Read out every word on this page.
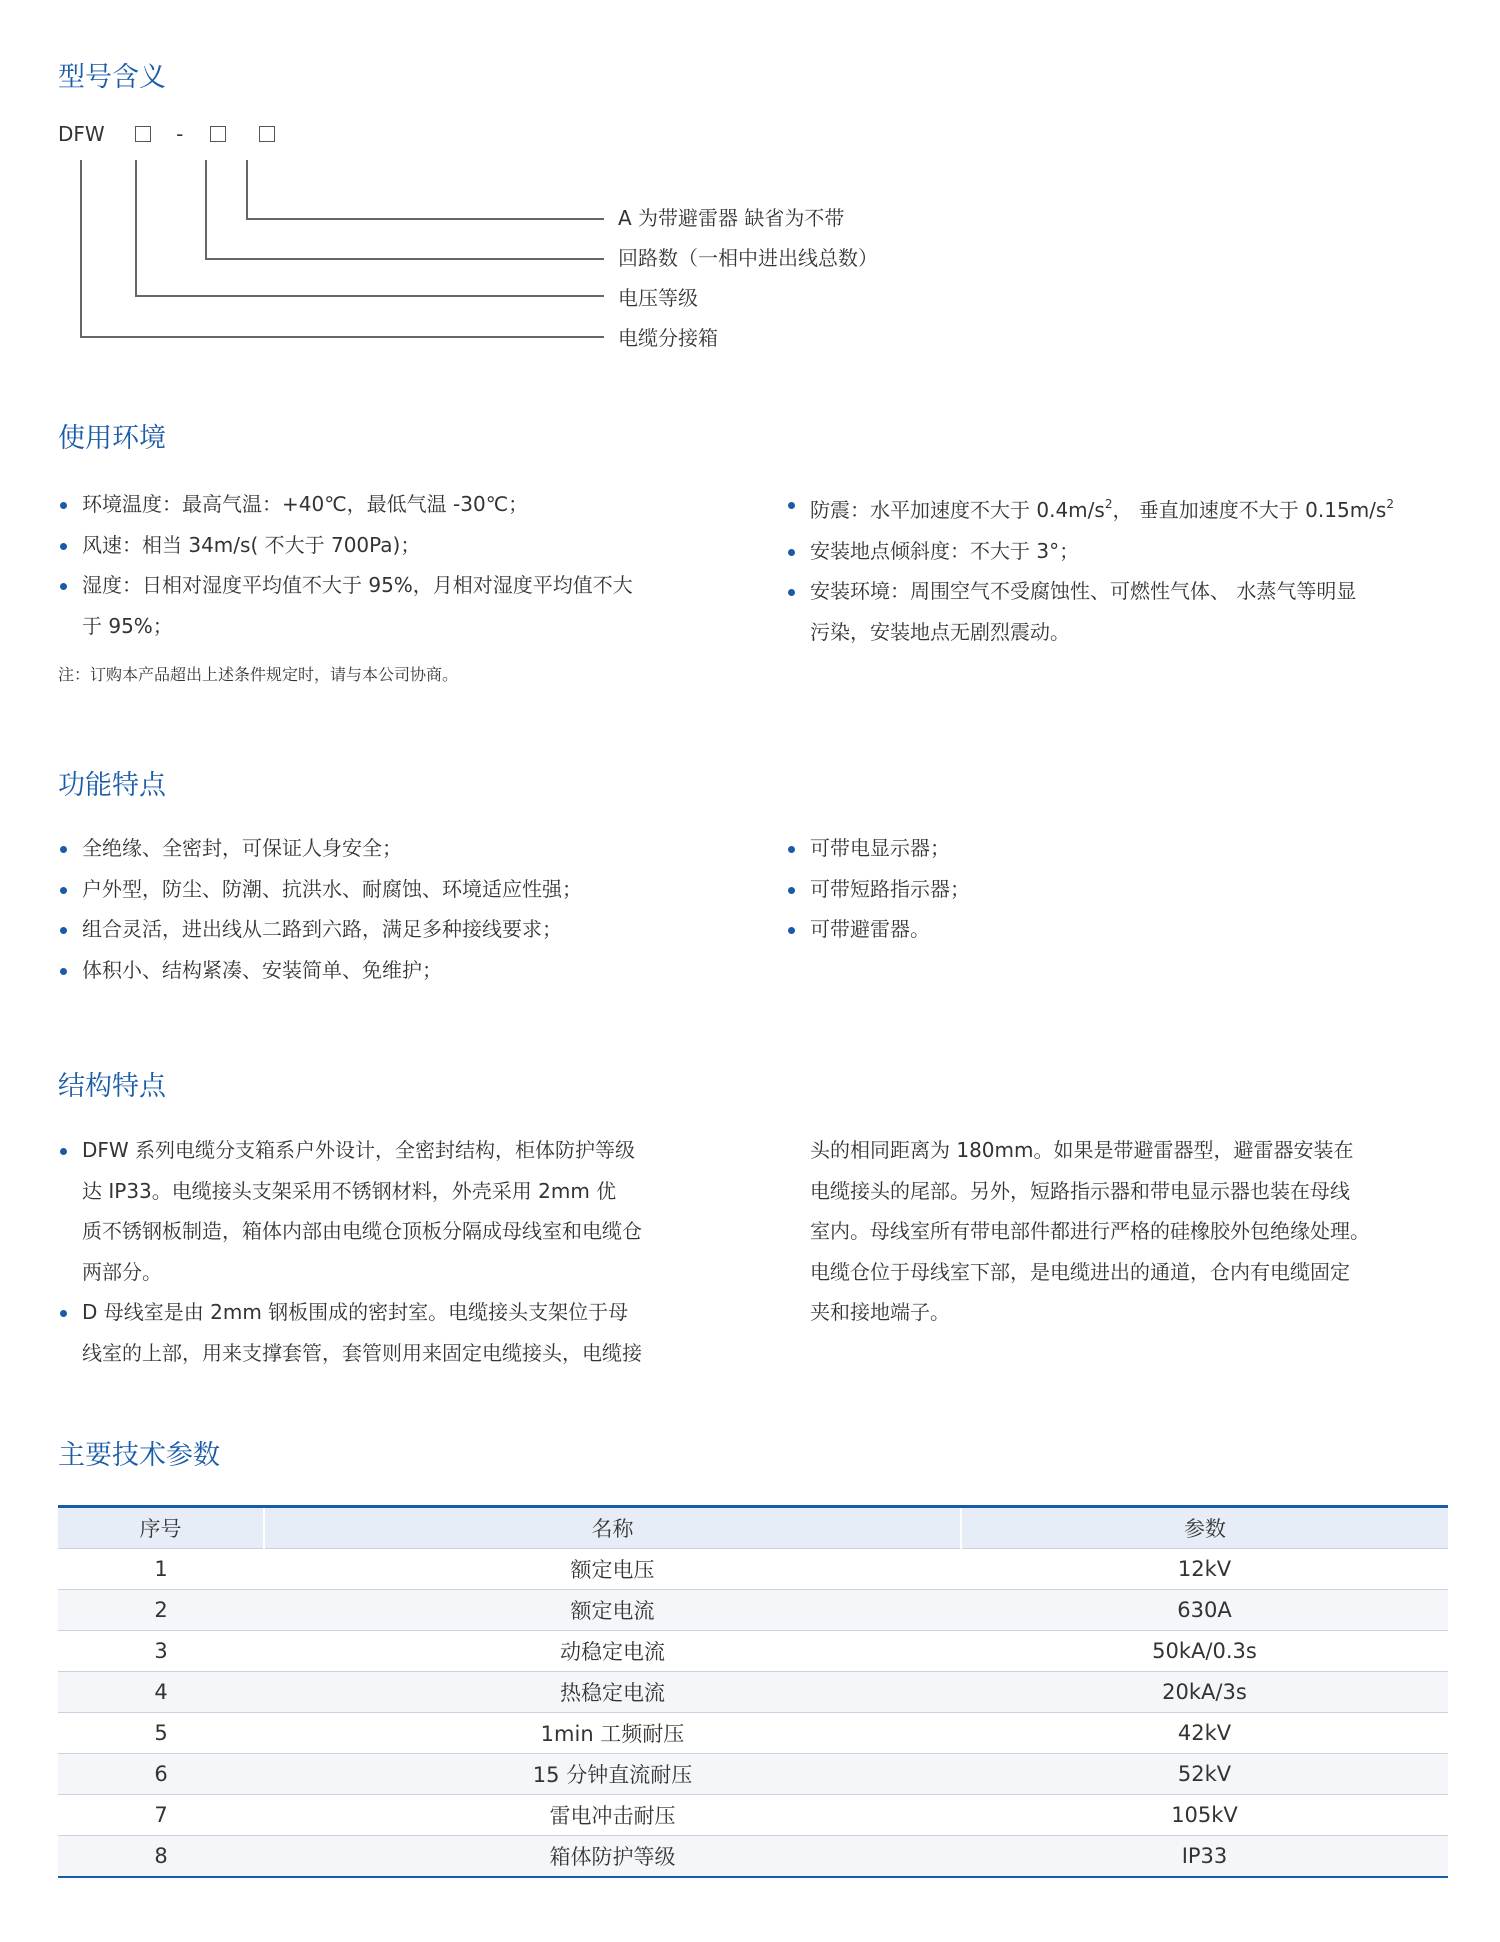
型号含义
DFW	-
A 为带避雷器 缺省为不带
回路数（一相中进出线总数）
电压等级
电缆分接箱
使用环境
环境温度：最高气温：+40℃，最低气温 -30℃；
风速：相当 34m/s( 不大于 700Pa)；
湿度：日相对湿度平均值不大于 95%，月相对湿度平均值不大
于 95%；
防震：水平加速度不大于 $0.4m/s^2$， 垂直加速度不大于 $0.15m/s^2$
安装地点倾斜度：不大于 3°；
安装环境：周围空气不受腐蚀性、可燃性气体、 水蒸气等明显
污染，安装地点无剧烈震动。
注：订购本产品超出上述条件规定时，请与本公司协商。
功能特点
全绝缘、全密封，可保证人身安全；
户外型，防尘、防潮、抗洪水、耐腐蚀、环境适应性强；
组合灵活，进出线从二路到六路，满足多种接线要求；
体积小、结构紧凑、安装简单、免维护；
可带电显示器；
可带短路指示器；
可带避雷器。
结构特点
DFW 系列电缆分支箱系户外设计，全密封结构，柜体防护等级
达 IP33。电缆接头支架采用不锈钢材料，外壳采用 2mm 优
质不锈钢板制造，箱体内部由电缆仓顶板分隔成母线室和电缆仓
两部分。
D 母线室是由 2mm 钢板围成的密封室。电缆接头支架位于母
线室的上部，用来支撑套管，套管则用来固定电缆接头，电缆接
头的相同距离为 180mm。如果是带避雷器型，避雷器安装在
电缆接头的尾部。另外，短路指示器和带电显示器也装在母线
室内。母线室所有带电部件都进行严格的硅橡胶外包绝缘处理。
电缆仓位于母线室下部，是电缆进出的通道，仓内有电缆固定
夹和接地端子。
主要技术参数
序号	名称	参数
1	额定电压	12kV
2	额定电流	630A
3	动稳定电流	50kA/0.3s
4	热稳定电流	20kA/3s
5	1min 工频耐压	42kV
6	15 分钟直流耐压	52kV
7	雷电冲击耐压	105kV
8	箱体防护等级	IP33
